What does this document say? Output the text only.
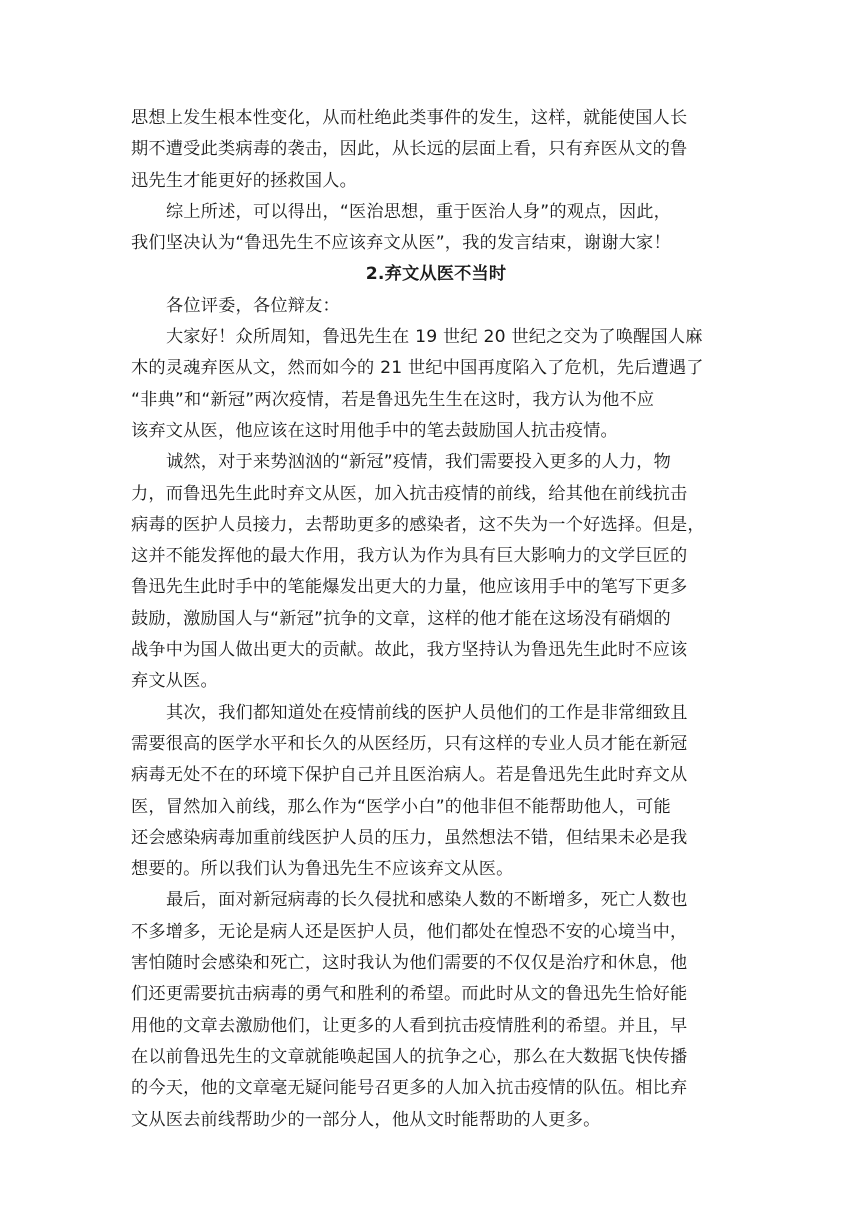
思想上发生根本性变化，从而杜绝此类事件的发生，这样，就能使国人长
期不遭受此类病毒的袭击，因此，从长远的层面上看，只有弃医从文的鲁
迅先生才能更好的拯救国人。
综上所述，可以得出，“医治思想，重于医治人身”的观点，因此，
我们坚决认为“鲁迅先生不应该弃文从医”，我的发言结束，谢谢大家！
2.弃文从医不当时
各位评委，各位辩友：
大家好！众所周知，鲁迅先生在 19 世纪 20 世纪之交为了唤醒国人麻
木的灵魂弃医从文，然而如今的 21 世纪中国再度陷入了危机，先后遭遇了
“非典”和“新冠”两次疫情，若是鲁迅先生生在这时，我方认为他不应
该弃文从医，他应该在这时用他手中的笔去鼓励国人抗击疫情。
诚然，对于来势汹汹的“新冠”疫情，我们需要投入更多的人力，物
力，而鲁迅先生此时弃文从医，加入抗击疫情的前线，给其他在前线抗击
病毒的医护人员接力，去帮助更多的感染者，这不失为一个好选择。但是，
这并不能发挥他的最大作用，我方认为作为具有巨大影响力的文学巨匠的
鲁迅先生此时手中的笔能爆发出更大的力量，他应该用手中的笔写下更多
鼓励，激励国人与“新冠”抗争的文章，这样的他才能在这场没有硝烟的
战争中为国人做出更大的贡献。故此，我方坚持认为鲁迅先生此时不应该
弃文从医。
其次，我们都知道处在疫情前线的医护人员他们的工作是非常细致且
需要很高的医学水平和长久的从医经历，只有这样的专业人员才能在新冠
病毒无处不在的环境下保护自己并且医治病人。若是鲁迅先生此时弃文从
医，冒然加入前线，那么作为“医学小白”的他非但不能帮助他人，可能
还会感染病毒加重前线医护人员的压力，虽然想法不错，但结果未必是我
想要的。所以我们认为鲁迅先生不应该弃文从医。
最后，面对新冠病毒的长久侵扰和感染人数的不断增多，死亡人数也
不多增多，无论是病人还是医护人员，他们都处在惶恐不安的心境当中，
害怕随时会感染和死亡，这时我认为他们需要的不仅仅是治疗和休息，他
们还更需要抗击病毒的勇气和胜利的希望。而此时从文的鲁迅先生恰好能
用他的文章去激励他们，让更多的人看到抗击疫情胜利的希望。并且，早
在以前鲁迅先生的文章就能唤起国人的抗争之心，那么在大数据飞快传播
的今天，他的文章毫无疑问能号召更多的人加入抗击疫情的队伍。相比弃
文从医去前线帮助少的一部分人，他从文时能帮助的人更多。
